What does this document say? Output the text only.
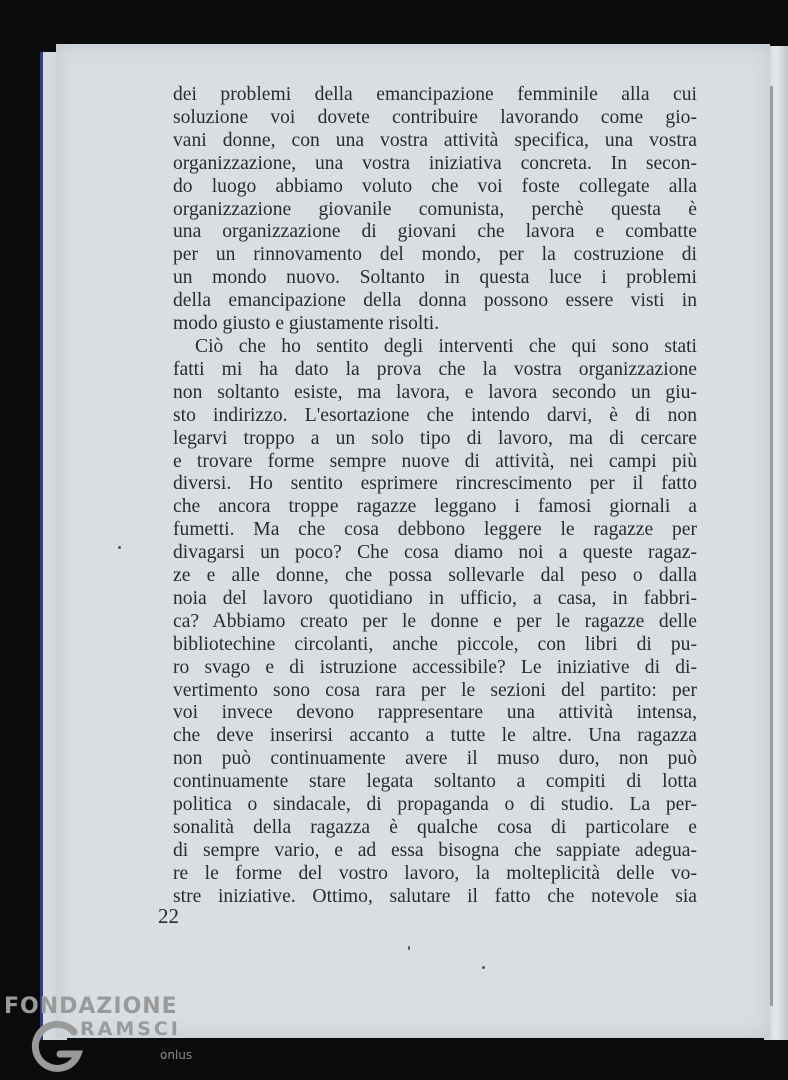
dei problemi della emancipazione femminile alla cui
soluzione voi dovete contribuire lavorando come gio-
vani donne, con una vostra attività specifica, una vostra
organizzazione, una vostra iniziativa concreta. In secon-
do luogo abbiamo voluto che voi foste collegate alla
organizzazione giovanile comunista, perchè questa è
una organizzazione di giovani che lavora e combatte
per un rinnovamento del mondo, per la costruzione di
un mondo nuovo. Soltanto in questa luce i problemi
della emancipazione della donna possono essere visti in
modo giusto e giustamente risolti.
Ciò che ho sentito degli interventi che qui sono stati
fatti mi ha dato la prova che la vostra organizzazione
non soltanto esiste, ma lavora, e lavora secondo un giu-
sto indirizzo. L'esortazione che intendo darvi, è di non
legarvi troppo a un solo tipo di lavoro, ma di cercare
e trovare forme sempre nuove di attività, nei campi più
diversi. Ho sentito esprimere rincrescimento per il fatto
che ancora troppe ragazze leggano i famosi giornali a
fumetti. Ma che cosa debbono leggere le ragazze per
divagarsi un poco? Che cosa diamo noi a queste ragaz-
ze e alle donne, che possa sollevarle dal peso o dalla
noia del lavoro quotidiano in ufficio, a casa, in fabbri-
ca? Abbiamo creato per le donne e per le ragazze delle
bibliotechine circolanti, anche piccole, con libri di pu-
ro svago e di istruzione accessibile? Le iniziative di di-
vertimento sono cosa rara per le sezioni del partito: per
voi invece devono rappresentare una attività intensa,
che deve inserirsi accanto a tutte le altre. Una ragazza
non può continuamente avere il muso duro, non può
continuamente stare legata soltanto a compiti di lotta
politica o sindacale, di propaganda o di studio. La per-
sonalità della ragazza è qualche cosa di particolare e
di sempre vario, e ad essa bisogna che sappiate adegua-
re le forme del vostro lavoro, la molteplicità delle vo-
stre iniziative. Ottimo, salutare il fatto che notevole sia
22
FONDAZIONE
RAMSCI
onlus
